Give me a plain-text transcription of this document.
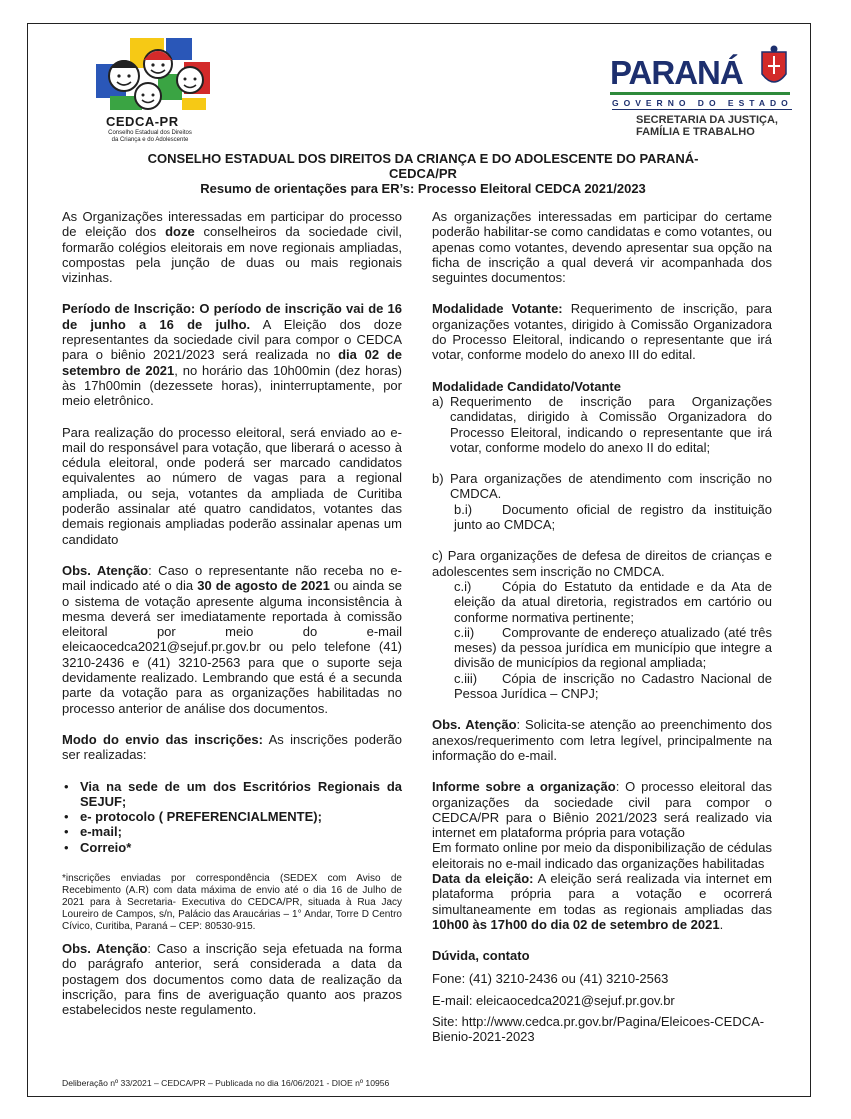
CEDCA-PR
Conselho Estadual dos Direitos
da Criança e do Adolescente
PARANÁ
GOVERNO DO ESTADO
SECRETARIA DA JUSTIÇA,
FAMÍLIA E TRABALHO
CONSELHO ESTADUAL DOS DIREITOS DA CRIANÇA E DO ADOLESCENTE DO PARANÁ-
CEDCA/PR
Resumo de orientações para ER’s: Processo Eleitoral CEDCA 2021/2023

As Organizações interessadas em participar do processo de eleição dos doze conselheiros da sociedade civil, formarão colégios eleitorais em nove regionais ampliadas, compostas pela junção de duas ou mais regionais vizinhas.

Período de Inscrição: O período de inscrição vai de 16 de junho a 16 de julho. A Eleição dos doze representantes da sociedade civil para compor o CEDCA para o biênio 2021/2023 será realizada no dia 02 de setembro de 2021, no horário das 10h00min (dez horas) às 17h00min (dezessete horas), ininterruptamente, por meio eletrônico.

Para realização do processo eleitoral, será enviado ao e-mail do responsável para votação, que liberará o acesso à cédula eleitoral, onde poderá ser marcado candidatos equivalentes ao número de vagas para a regional ampliada, ou seja, votantes da ampliada de Curitiba poderão assinalar até quatro candidatos, votantes das demais regionais ampliadas poderão assinalar apenas um candidato

Obs. Atenção: Caso o representante não receba no e-mail indicado até o dia 30 de agosto de 2021 ou ainda se o sistema de votação apresente alguma inconsistência à mesma deverá ser imediatamente reportada à comissão eleitoral por meio do e-mail eleicaocedca2021@sejuf.pr.gov.br ou pelo telefone (41) 3210-2436 e (41) 3210-2563 para que o suporte seja devidamente realizado. Lembrando que está é a secunda parte da votação para as organizações habilitadas no processo anterior de análise dos documentos.

Modo do envio das inscrições: As inscrições poderão ser realizadas:

• Via na sede de um dos Escritórios Regionais da SEJUF;
• e- protocolo ( PREFERENCIALMENTE);
• e-mail;
• Correio*

*inscrições enviadas por correspondência (SEDEX com Aviso de Recebimento (A.R) com data máxima de envio até o dia 16 de Julho de 2021 para à Secretaria- Executiva do CEDCA/PR, situada à Rua Jacy Loureiro de Campos, s/n, Palácio das Araucárias – 1° Andar, Torre D Centro Cívico, Curitiba, Paraná – CEP: 80530-915.

Obs. Atenção: Caso a inscrição seja efetuada na forma do parágrafo anterior, será considerada a data da postagem dos documentos como data de realização da inscrição, para fins de averiguação quanto aos prazos estabelecidos neste regulamento.

As organizações interessadas em participar do certame poderão habilitar-se como candidatas e como votantes, ou apenas como votantes, devendo apresentar sua opção na ficha de inscrição a qual deverá vir acompanhada dos seguintes documentos:

Modalidade Votante: Requerimento de inscrição, para organizações votantes, dirigido à Comissão Organizadora do Processo Eleitoral, indicando o representante que irá votar, conforme modelo do anexo III do edital.

Modalidade Candidato/Votante
a) Requerimento de inscrição para Organizações candidatas, dirigido à Comissão Organizadora do Processo Eleitoral, indicando o representante que irá votar, conforme modelo do anexo II do edital;
b) Para organizações de atendimento com inscrição no CMDCA.
b.i) Documento oficial de registro da instituição junto ao CMDCA;
c) Para organizações de defesa de direitos de crianças e adolescentes sem inscrição no CMDCA.
c.i) Cópia do Estatuto da entidade e da Ata de eleição da atual diretoria, registrados em cartório ou conforme normativa pertinente;
c.ii) Comprovante de endereço atualizado (até três meses) da pessoa jurídica em município que integre a divisão de municípios da regional ampliada;
c.iii) Cópia de inscrição no Cadastro Nacional de Pessoa Jurídica – CNPJ;

Obs. Atenção: Solicita-se atenção ao preenchimento dos anexos/requerimento com letra legível, principalmente na informação do e-mail.

Informe sobre a organização: O processo eleitoral das organizações da sociedade civil para compor o CEDCA/PR para o Biênio 2021/2023 será realizado via internet em plataforma própria para votação

Em formato online por meio da disponibilização de cédulas eleitorais no e-mail indicado das organizações habilitadas

Data da eleição: A eleição será realizada via internet em plataforma própria para a votação e ocorrerá simultaneamente em todas as regionais ampliadas das 10h00 às 17h00 do dia 02 de setembro de 2021.

Dúvida, contato

Fone: (41) 3210-2436 ou (41) 3210-2563

E-mail: eleicaocedca2021@sejuf.pr.gov.br

Site: http://www.cedca.pr.gov.br/Pagina/Eleicoes-CEDCA-Bienio-2021-2023

Deliberação nº 33/2021 – CEDCA/PR – Publicada no dia 16/06/2021 - DIOE nº 10956
